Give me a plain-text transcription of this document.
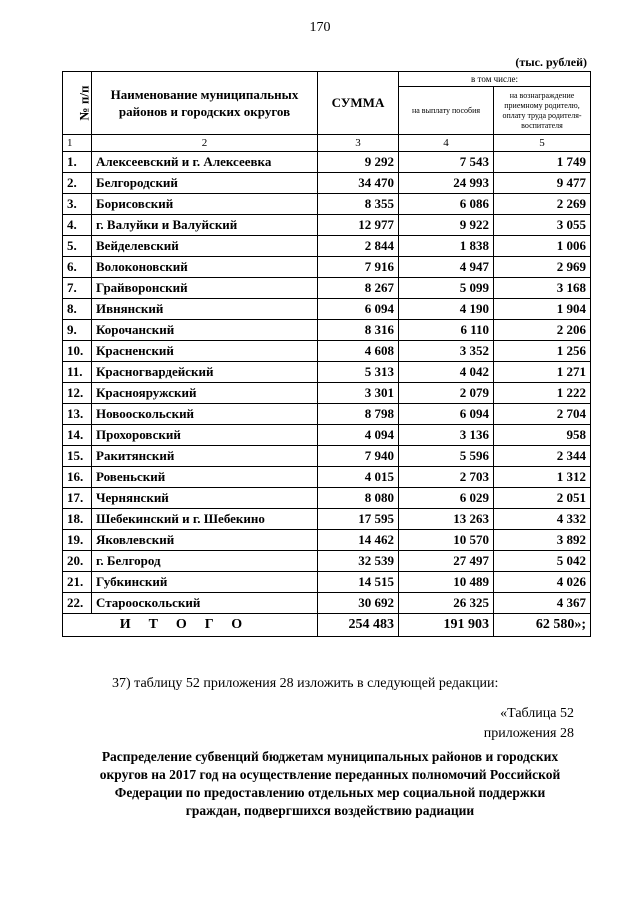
170
(тыс. рублей)
№ п/п	Наименование муниципальных районов и городских округов	СУММА	в том числе:	
			на выплату пособия	на вознаграждение приемному родителю, оплату труда родителя-воспитателя
1	2	3	4	5
1.	Алексеевский и г. Алексеевка	9 292	7 543	1 749
2.	Белгородский	34 470	24 993	9 477
3.	Борисовский	8 355	6 086	2 269
4.	г. Валуйки и Валуйский	12 977	9 922	3 055
5.	Вейделевский	2 844	1 838	1 006
6.	Волоконовский	7 916	4 947	2 969
7.	Грайворонский	8 267	5 099	3 168
8.	Ивнянский	6 094	4 190	1 904
9.	Корочанский	8 316	6 110	2 206
10.	Красненский	4 608	3 352	1 256
11.	Красногвардейский	5 313	4 042	1 271
12.	Краснояружский	3 301	2 079	1 222
13.	Новооскольский	8 798	6 094	2 704
14.	Прохоровский	4 094	3 136	958
15.	Ракитянский	7 940	5 596	2 344
16.	Ровеньский	4 015	2 703	1 312
17.	Чернянский	8 080	6 029	2 051
18.	Шебекинский и г. Шебекино	17 595	13 263	4 332
19.	Яковлевский	14 462	10 570	3 892
20.	г. Белгород	32 539	27 497	5 042
21.	Губкинский	14 515	10 489	4 026
22.	Старооскольский	30 692	26 325	4 367
ИТОГО		254 483	191 903	62 580»;
37) таблицу 52 приложения 28 изложить в следующей редакции:
«Таблица 52
приложения 28
Распределение субвенций бюджетам муниципальных районов и городских округов на 2017 год на осуществление переданных полномочий Российской Федерации по предоставлению отдельных мер социальной поддержки граждан, подвергшихся воздействию радиации
